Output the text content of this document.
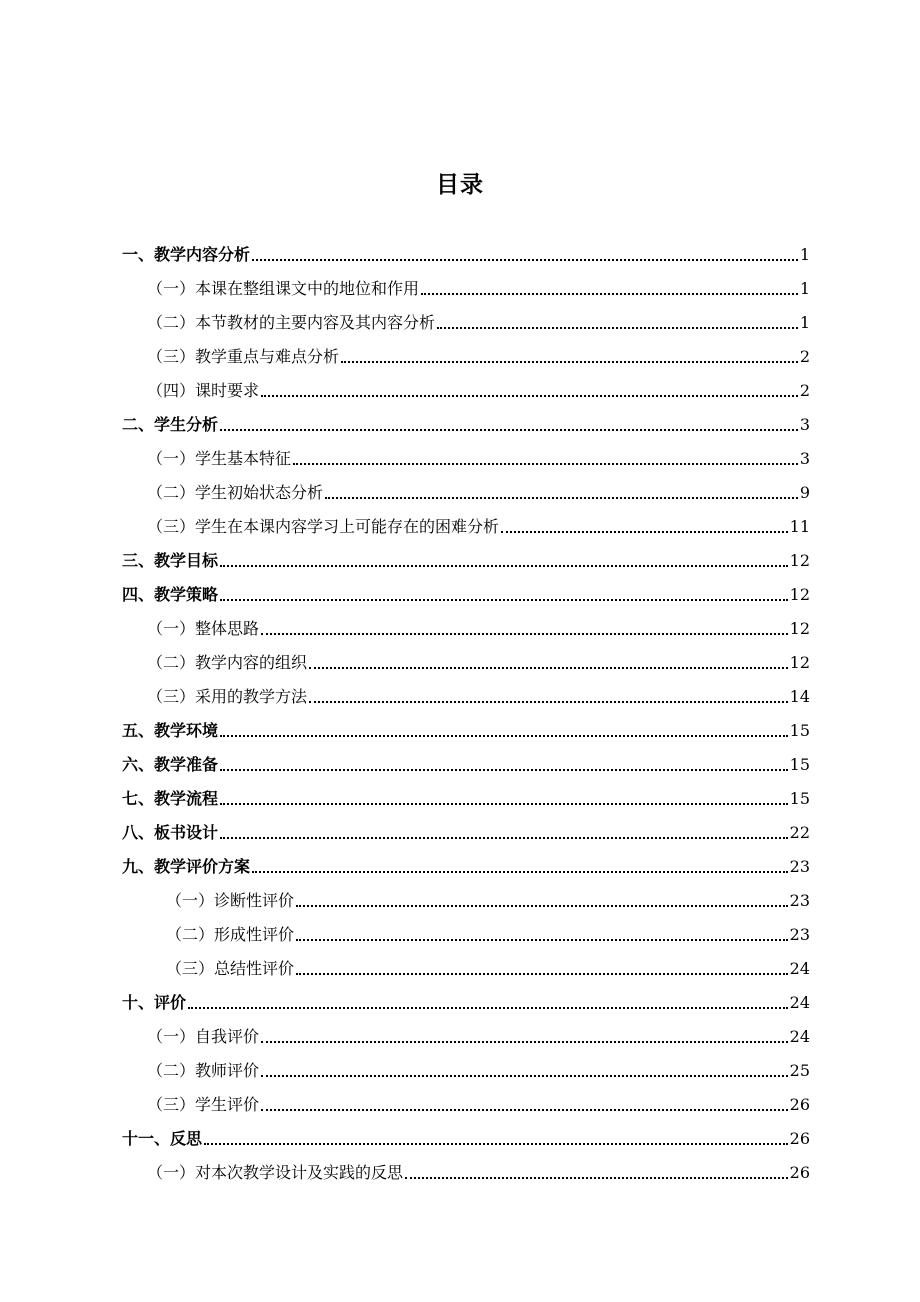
目录
一、教学内容分析	1
（一）本课在整组课文中的地位和作用	1
（二）本节教材的主要内容及其内容分析	1
（三）教学重点与难点分析	2
（四）课时要求	2
二、学生分析	3
（一）学生基本特征	3
（二）学生初始状态分析	9
（三）学生在本课内容学习上可能存在的困难分析	11
三、教学目标	12
四、教学策略	12
（一）整体思路	12
（二）教学内容的组织	12
（三）采用的教学方法	14
五、教学环境	15
六、教学准备	15
七、教学流程	15
八、板书设计	22
九、教学评价方案	23
（一）诊断性评价	23
（二）形成性评价	23
（三）总结性评价	24
十、评价	24
（一）自我评价	24
（二）教师评价	25
（三）学生评价	26
十一、反思	26
（一）对本次教学设计及实践的反思	26
